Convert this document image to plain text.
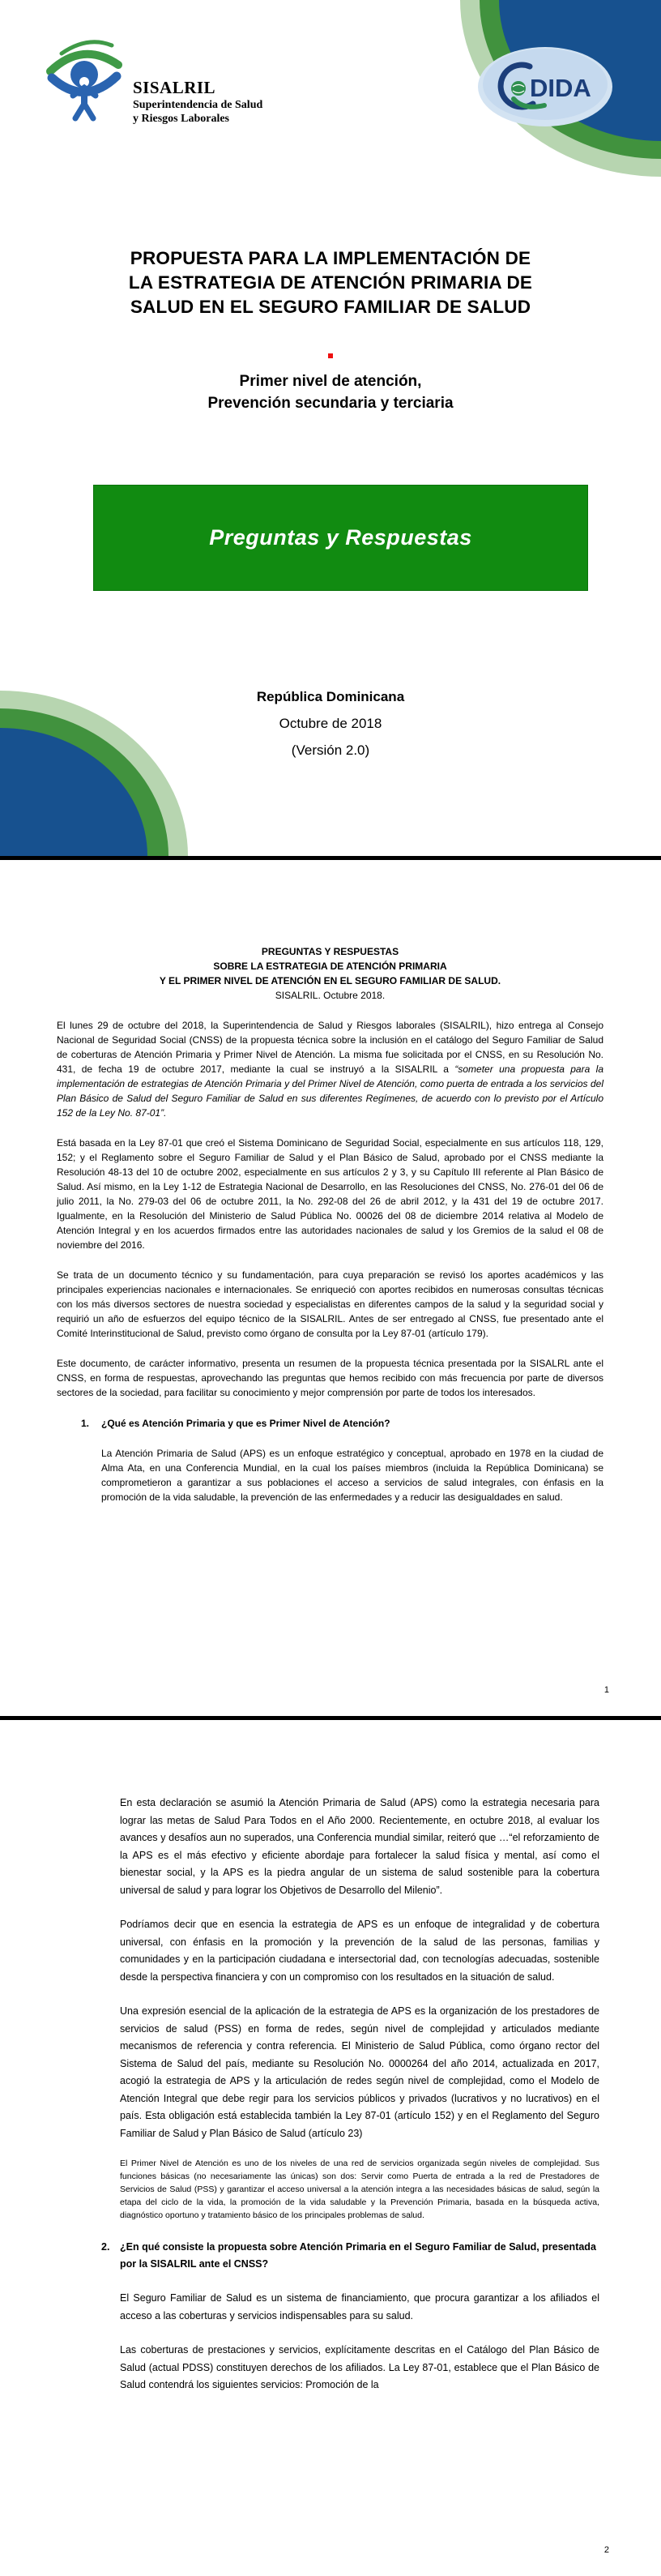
SISALRIL
Superintendencia de Salud
y Riesgos Laborales
DIDA
PROPUESTA PARA LA IMPLEMENTACIÓN DE
LA ESTRATEGIA DE ATENCIÓN PRIMARIA DE
SALUD EN EL SEGURO FAMILIAR DE SALUD
Primer nivel de atención,
Prevención secundaria y terciaria
Preguntas y Respuestas
República Dominicana
Octubre de 2018
(Versión 2.0)
PREGUNTAS Y RESPUESTAS
SOBRE LA ESTRATEGIA DE ATENCIÓN PRIMARIA
Y EL PRIMER NIVEL DE ATENCIÓN EN EL SEGURO FAMILIAR DE SALUD.
SISALRIL. Octubre 2018.

El lunes 29 de octubre del 2018, la Superintendencia de Salud y Riesgos laborales (SISALRIL), hizo entrega al Consejo Nacional de Seguridad Social (CNSS) de la propuesta técnica sobre la inclusión en el catálogo del Seguro Familiar de Salud de coberturas de Atención Primaria y Primer Nivel de Atención. La misma fue solicitada por el CNSS, en su Resolución No. 431, de fecha 19 de octubre 2017, mediante la cual se instruyó a la SISALRIL a “someter una propuesta para la implementación de estrategias de Atención Primaria y del Primer Nivel de Atención, como puerta de entrada a los servicios del Plan Básico de Salud del Seguro Familiar de Salud en sus diferentes Regímenes, de acuerdo con lo previsto por el Artículo 152 de la Ley No. 87-01”.

Está basada en la Ley 87-01 que creó el Sistema Dominicano de Seguridad Social, especialmente en sus artículos 118, 129, 152; y el Reglamento sobre el Seguro Familiar de Salud y el Plan Básico de Salud, aprobado por el CNSS mediante la Resolución 48-13 del 10 de octubre 2002, especialmente en sus artículos 2 y 3, y su Capítulo III referente al Plan Básico de Salud. Así mismo, en la Ley 1-12 de Estrategia Nacional de Desarrollo, en las Resoluciones del CNSS, No. 276-01 del 06 de julio 2011, la No. 279-03 del 06 de octubre 2011, la No. 292-08 del 26 de abril 2012, y la 431 del 19 de octubre 2017. Igualmente, en la Resolución del Ministerio de Salud Pública No. 00026 del 08 de diciembre 2014 relativa al Modelo de Atención Integral y en los acuerdos firmados entre las autoridades nacionales de salud y los Gremios de la salud el 08 de noviembre del 2016.

Se trata de un documento técnico y su fundamentación, para cuya preparación se revisó los aportes académicos y las principales experiencias nacionales e internacionales. Se enriqueció con aportes recibidos en numerosas consultas técnicas con los más diversos sectores de nuestra sociedad y especialistas en diferentes campos de la salud y la seguridad social y requirió un año de esfuerzos del equipo técnico de la SISALRIL. Antes de ser entregado al CNSS, fue presentado ante el Comité Interinstitucional de Salud, previsto como órgano de consulta por la Ley 87-01 (artículo 179).

Este documento, de carácter informativo, presenta un resumen de la propuesta técnica presentada por la SISALRL ante el CNSS, en forma de respuestas, aprovechando las preguntas que hemos recibido con más frecuencia por parte de diversos sectores de la sociedad, para facilitar su conocimiento y mejor comprensión por parte de todos los interesados.

1.	¿Qué es Atención Primaria y que es Primer Nivel de Atención?

La Atención Primaria de Salud (APS) es un enfoque estratégico y conceptual, aprobado en 1978 en la ciudad de Alma Ata, en una Conferencia Mundial, en la cual los países miembros (incluida la República Dominicana) se comprometieron a garantizar a sus poblaciones el acceso a servicios de salud integrales, con énfasis en la promoción de la vida saludable, la prevención de las enfermedades y a reducir las desigualdades en salud.

1

En esta declaración se asumió la Atención Primaria de Salud (APS) como la estrategia necesaria para lograr las metas de Salud Para Todos en el Año 2000. Recientemente, en octubre 2018, al evaluar los avances y desafíos aun no superados, una Conferencia mundial similar, reiteró que …“el reforzamiento de la APS es el más efectivo y eficiente abordaje para fortalecer la salud física y mental, así como el bienestar social, y la APS es la piedra angular de un sistema de salud sostenible para la cobertura universal de salud y para lograr los Objetivos de Desarrollo del Milenio”.

Podríamos decir que en esencia la estrategia de APS es un enfoque de integralidad y de cobertura universal, con énfasis en la promoción y la prevención de la salud de las personas, familias y comunidades y en la participación ciudadana e intersectorial dad, con tecnologías adecuadas, sostenible desde la perspectiva financiera y con un compromiso con los resultados en la situación de salud.

Una expresión esencial de la aplicación de la estrategia de APS es la organización de los prestadores de servicios de salud (PSS) en forma de redes, según nivel de complejidad y articulados mediante mecanismos de referencia y contra referencia. El Ministerio de Salud Pública, como órgano rector del Sistema de Salud del país, mediante su Resolución No. 0000264 del año 2014, actualizada en 2017, acogió la estrategia de APS y la articulación de redes según nivel de complejidad, como el Modelo de Atención Integral que debe regir para los servicios públicos y privados (lucrativos y no lucrativos) en el país. Esta obligación está establecida también la Ley 87-01 (artículo 152) y en el Reglamento del Seguro Familiar de Salud y Plan Básico de Salud (artículo 23)

El Primer Nivel de Atención es uno de los niveles de una red de servicios organizada según niveles de complejidad. Sus funciones básicas (no necesariamente las únicas) son dos: Servir como Puerta de entrada a la red de Prestadores de Servicios de Salud (PSS) y garantizar el acceso universal a la atención integra a las necesidades básicas de salud, según la etapa del ciclo de la vida, la promoción de la vida saludable y la Prevención Primaria, basada en la búsqueda activa, diagnóstico oportuno y tratamiento básico de los principales problemas de salud.

2.	¿En qué consiste la propuesta sobre Atención Primaria en el Seguro Familiar de Salud, presentada por la SISALRIL ante el CNSS?

El Seguro Familiar de Salud es un sistema de financiamiento, que procura garantizar a los afiliados el acceso a las coberturas y servicios indispensables para su salud.

Las coberturas de prestaciones y servicios, explícitamente descritas en el Catálogo del Plan Básico de Salud (actual PDSS) constituyen derechos de los afiliados. La Ley 87-01, establece que el Plan Básico de Salud contendrá los siguientes servicios: Promoción de la

2
